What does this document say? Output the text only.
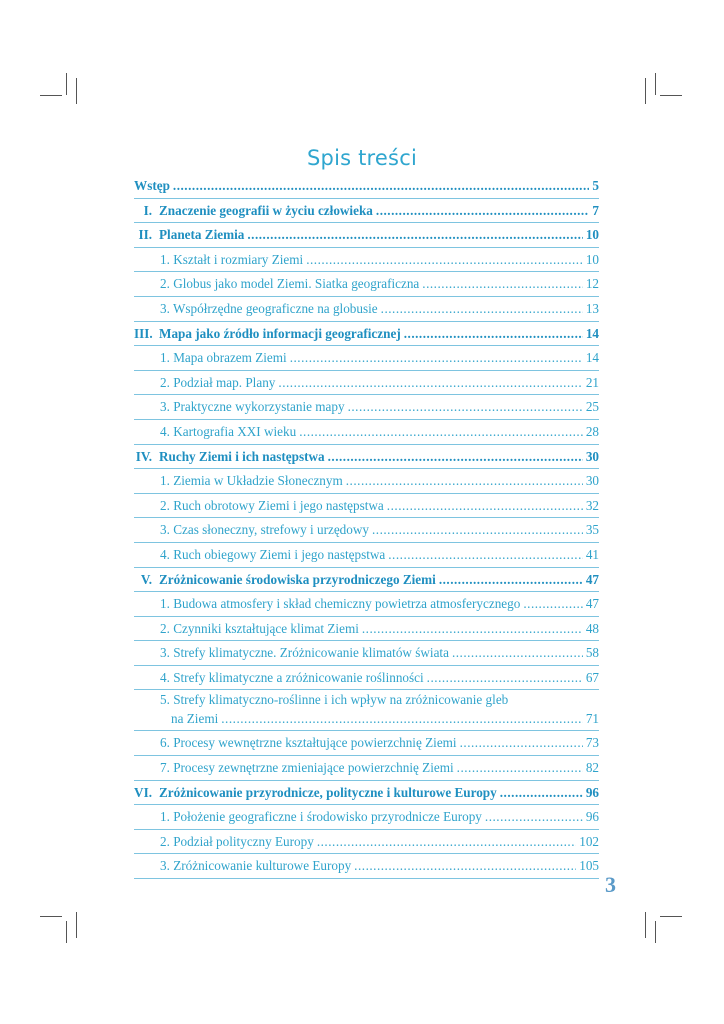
Spis treści
Wstęp .....	5
I. Znaczenie geografii w życiu człowieka .....	7
II. Planeta Ziemia .....	10
1. Kształt i rozmiary Ziemi .....	10
2. Globus jako model Ziemi. Siatka geograficzna .....	12
3. Współrzędne geograficzne na globusie .....	13
III. Mapa jako źródło informacji geograficznej .....	14
1. Mapa obrazem Ziemi .....	14
2. Podział map. Plany .....	21
3. Praktyczne wykorzystanie mapy .....	25
4. Kartografia XXI wieku .....	28
IV. Ruchy Ziemi i ich następstwa .....	30
1. Ziemia w Układzie Słonecznym .....	30
2. Ruch obrotowy Ziemi i jego następstwa .....	32
3. Czas słoneczny, strefowy i urzędowy .....	35
4. Ruch obiegowy Ziemi i jego następstwa .....	41
V. Zróżnicowanie środowiska przyrodniczego Ziemi .....	47
1. Budowa atmosfery i skład chemiczny powietrza atmosferycznego .....	47
2. Czynniki kształtujące klimat Ziemi .....	48
3. Strefy klimatyczne. Zróżnicowanie klimatów świata .....	58
4. Strefy klimatyczne a zróżnicowanie roślinności .....	67
5. Strefy klimatyczno-roślinne i ich wpływ na zróżnicowanie gleb
na Ziemi .....	71
6. Procesy wewnętrzne kształtujące powierzchnię Ziemi .....	73
7. Procesy zewnętrzne zmieniające powierzchnię Ziemi .....	82
VI. Zróżnicowanie przyrodnicze, polityczne i kulturowe Europy .....	96
1. Położenie geograficzne i środowisko przyrodnicze Europy .....	96
2. Podział polityczny Europy .....	102
3. Zróżnicowanie kulturowe Europy .....	105
3
